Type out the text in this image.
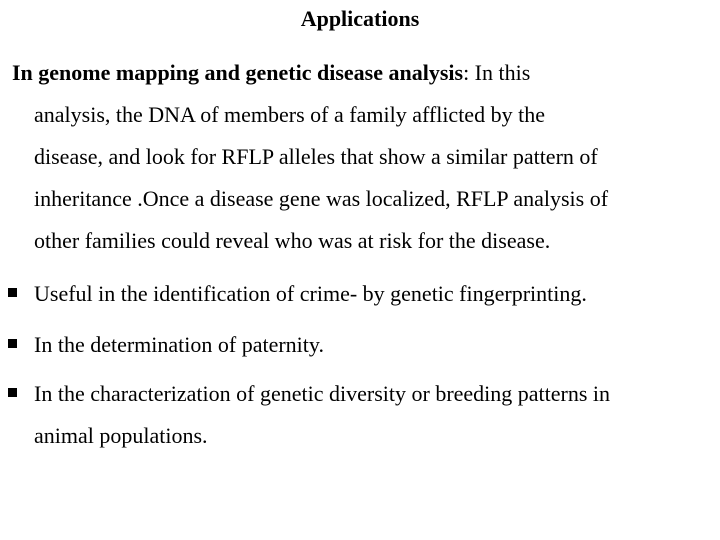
Applications
In genome mapping and genetic disease analysis: In this
analysis, the DNA of members of a family afflicted by the
disease, and look for RFLP alleles that show a similar pattern of
inheritance .Once a disease gene was localized, RFLP analysis of
other families could reveal who was at risk for the disease.
Useful in the identification of crime- by genetic fingerprinting.
In the determination of paternity.
In the characterization of genetic diversity or breeding patterns in
animal populations.
